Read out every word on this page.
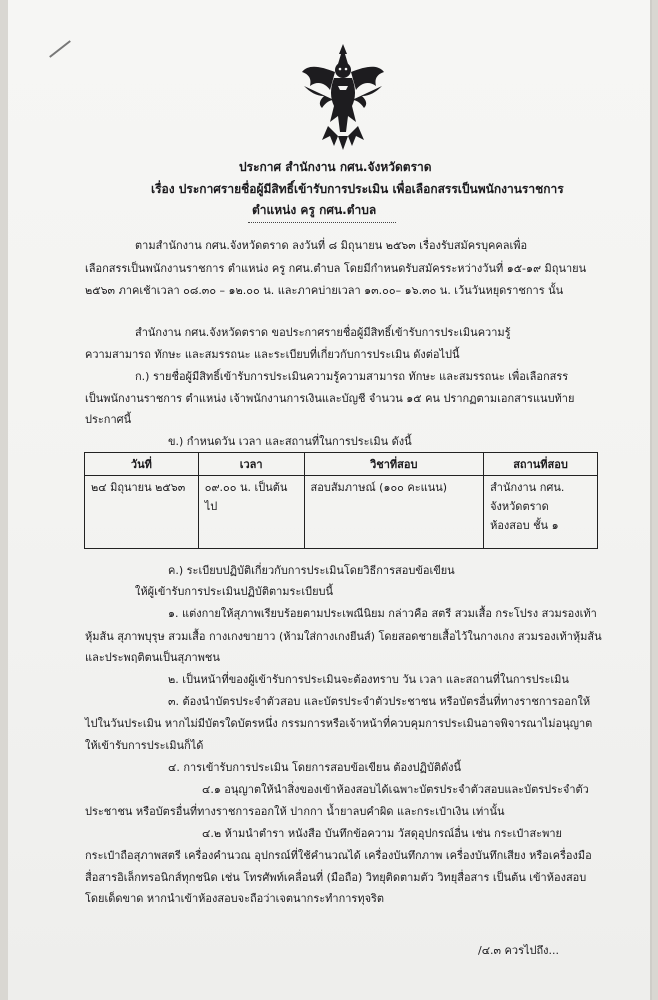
ประกาศ สำนักงาน กศน.จังหวัดตราด
เรื่อง ประกาศรายชื่อผู้มีสิทธิ์เข้ารับการประเมิน เพื่อเลือกสรรเป็นพนักงานราชการ
ตำแหน่ง ครู กศน.ตำบล
ตามสำนักงาน กศน.จังหวัดตราด ลงวันที่ ๘ มิถุนายน ๒๕๖๓ เรื่องรับสมัครบุคคลเพื่อ
เลือกสรรเป็นพนักงานราชการ ตำแหน่ง ครู กศน.ตำบล โดยมีกำหนดรับสมัครระหว่างวันที่ ๑๕-๑๙ มิถุนายน
๒๕๖๓ ภาคเช้าเวลา ๐๘.๓๐ – ๑๒.๐๐ น. และภาคบ่ายเวลา ๑๓.๐๐– ๑๖.๓๐ น. เว้นวันหยุดราชการ นั้น
สำนักงาน กศน.จังหวัดตราด ขอประกาศรายชื่อผู้มีสิทธิ์เข้ารับการประเมินความรู้
ความสามารถ ทักษะ และสมรรถนะ และระเบียบที่เกี่ยวกับการประเมิน ดังต่อไปนี้
ก.) รายชื่อผู้มีสิทธิ์เข้ารับการประเมินความรู้ความสามารถ ทักษะ และสมรรถนะ เพื่อเลือกสรร
เป็นพนักงานราชการ ตำแหน่ง เจ้าพนักงานการเงินและบัญชี จำนวน ๑๕ คน ปรากฏตามเอกสารแนบท้าย
ประกาศนี้
ข.) กำหนดวัน เวลา และสถานที่ในการประเมิน ดังนี้
วันที่	เวลา	วิชาที่สอบ	สถานที่สอบ
๒๔ มิถุนายน ๒๕๖๓	๐๙.๐๐ น. เป็นต้นไป	สอบสัมภาษณ์ (๑๐๐ คะแนน)	สำนักงาน กศน.
จังหวัดตราด
ห้องสอบ ชั้น ๑
ค.) ระเบียบปฏิบัติเกี่ยวกับการประเมินโดยวิธีการสอบข้อเขียน
ให้ผู้เข้ารับการประเมินปฏิบัติตามระเบียบนี้
๑. แต่งกายให้สุภาพเรียบร้อยตามประเพณีนิยม กล่าวคือ สตรี สวมเสื้อ กระโปรง สวมรองเท้า
หุ้มส้น สุภาพบุรุษ สวมเสื้อ กางเกงขายาว (ห้ามใส่กางเกงยีนส์) โดยสอดชายเสื้อไว้ในกางเกง สวมรองเท้าหุ้มส้น
และประพฤติตนเป็นสุภาพชน
๒. เป็นหน้าที่ของผู้เข้ารับการประเมินจะต้องทราบ วัน เวลา และสถานที่ในการประเมิน
๓. ต้องนำบัตรประจำตัวสอบ และบัตรประจำตัวประชาชน หรือบัตรอื่นที่ทางราชการออกให้
ไปในวันประเมิน หากไม่มีบัตรใดบัตรหนึ่ง กรรมการหรือเจ้าหน้าที่ควบคุมการประเมินอาจพิจารณาไม่อนุญาต
ให้เข้ารับการประเมินก็ได้
๔. การเข้ารับการประเมิน โดยการสอบข้อเขียน ต้องปฏิบัติดังนี้
๔.๑ อนุญาตให้นำสิ่งของเข้าห้องสอบได้เฉพาะบัตรประจำตัวสอบและบัตรประจำตัว
ประชาชน หรือบัตรอื่นที่ทางราชการออกให้ ปากกา น้ำยาลบคำผิด และกระเป๋าเงิน เท่านั้น
๔.๒ ห้ามนำตำรา หนังสือ บันทึกข้อความ วัสดุอุปกรณ์อื่น เช่น กระเป๋าสะพาย
กระเป๋าถือสุภาพสตรี เครื่องคำนวณ อุปกรณ์ที่ใช้คำนวณได้ เครื่องบันทึกภาพ เครื่องบันทึกเสียง หรือเครื่องมือ
สื่อสารอิเล็กทรอนิกส์ทุกชนิด เช่น โทรศัพท์เคลื่อนที่ (มือถือ) วิทยุติดตามตัว วิทยุสื่อสาร เป็นต้น เข้าห้องสอบ
โดยเด็ดขาด หากนำเข้าห้องสอบจะถือว่าเจตนากระทำการทุจริต
/๔.๓ ควรไปถึง...
